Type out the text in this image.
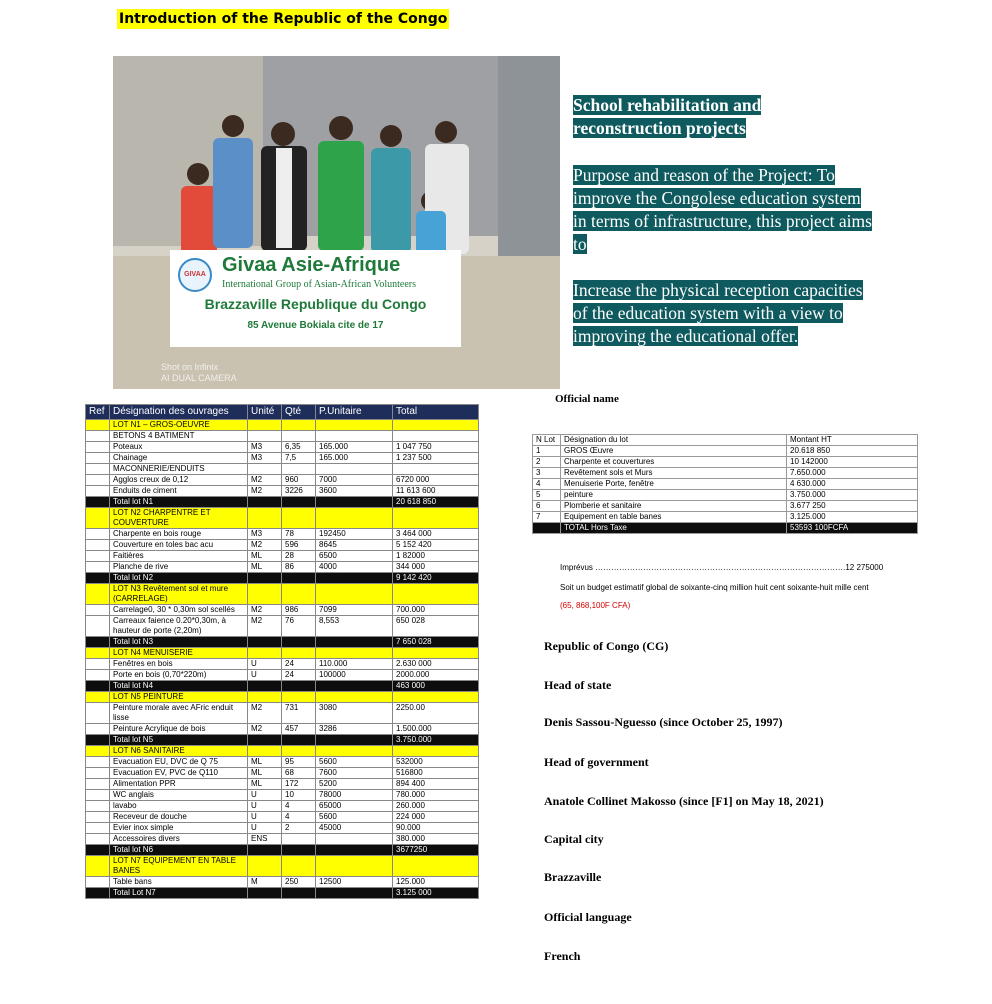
Introduction of the Republic of the Congo
GIVAA Givaa Asie-Afrique
International Group of Asian-African Volunteers
Brazzaville Republique du Congo
85 Avenue Bokiala cite de 17
Shot on Infinix
AI DUAL CAMERA
School rehabilitation and reconstruction projects
Purpose and reason of the Project: To improve the Congolese education system in terms of infrastructure, this project aims to
Increase the physical reception capacities of the education system with a view to improving the educational offer.
Official name
Ref	Désignation des ouvrages	Unité	Qté	P.Unitaire	Total
	LOT N1 – GROS-OEUVRE				
	BETONS 4 BATIMENT				
	Poteaux	M3	6,35	165.000	1 047 750
	Chainage	M3	7,5	165.000	1 237 500
	MACONNERIE/ENDUITS				
	Agglos creux de 0,12	M2	960	7000	6720 000
	Enduits de ciment	M2	3226	3600	11 613 600
	Total lot N1				20 618 850
	LOT N2 CHARPENTRE ET COUVERTURE				
	Charpente en bois rouge	M3	78	192450	3 464 000
	Couverture en toles bac acu	M2	596	8645	5 152 420
	Faitières	ML	28	6500	1 82000
	Planche de rive	ML	86	4000	344 000
	Total lot N2				9 142 420
	LOT N3 Revêtement sol et mure (CARRELAGE)				
	Carrelage0, 30 * 0,30m sol scellés	M2	986	7099	700.000
	Carreaux faience 0.20*0,30m, à hauteur de porte (2,20m)	M2	76	8,553	650 028
	Total lot N3				7 650 028
	LOT N4 MENUISERIE				
	Fenêtres en bois	U	24	110.000	2.630 000
	Porte en bois (0,70*220m)	U	24	100000	2000.000
	Total lot N4				463 000
	LOT N5 PEINTURE				
	Peinture morale avec AFric enduit lisse	M2	731	3080	2250.00
	Peinture Acrylique de bois	M2	457	3286	1.500.000
	Total lot N5				3.750.000
	LOT N6 SANITAIRE				
	Evacuation EU, DVC de Q 75	ML	95	5600	532000
	Evacuation EV, PVC de Q110	ML	68	7600	516800
	Alimentation PPR	ML	172	5200	894 400
	WC anglais	U	10	78000	780.000
	lavabo	U	4	65000	260.000
	Receveur de douche	U	4	5600	224 000
	Evier inox simple	U	2	45000	90.000
	Accessoires divers	ENS			380.000
	Total lot N6				3677250
	LOT N7 EQUIPEMENT EN TABLE BANES				
	Table bans	M	250	12500	125.000
	Total Lot N7				3.125 000
N Lot	Désignation du lot	Montant HT
1	GROS Œuvre	20.618 850
2	Charpente et couvertures	10 142000
3	Revêtement sols et Murs	7.650.000
4	Menuiserie Porte, fenêtre	4 630.000
5	peinture	3.750.000
6	Plomberie et sanitaire	3.677 250
7	Equipement en table banes	3.125.000
	TOTAL Hors Taxe	53593 100FCFA
Imprévus ………………………………………………………………………………….12 275000
Soit un budget estimatif global de soixante-cinq million huit cent soixante-huit mille cent
(65, 868,100F CFA)
Republic of Congo (CG)
Head of state
Denis Sassou-Nguesso (since October 25, 1997)
Head of government
Anatole Collinet Makosso (since [F1] on May 18, 2021)
Capital city
Brazzaville
Official language
French
